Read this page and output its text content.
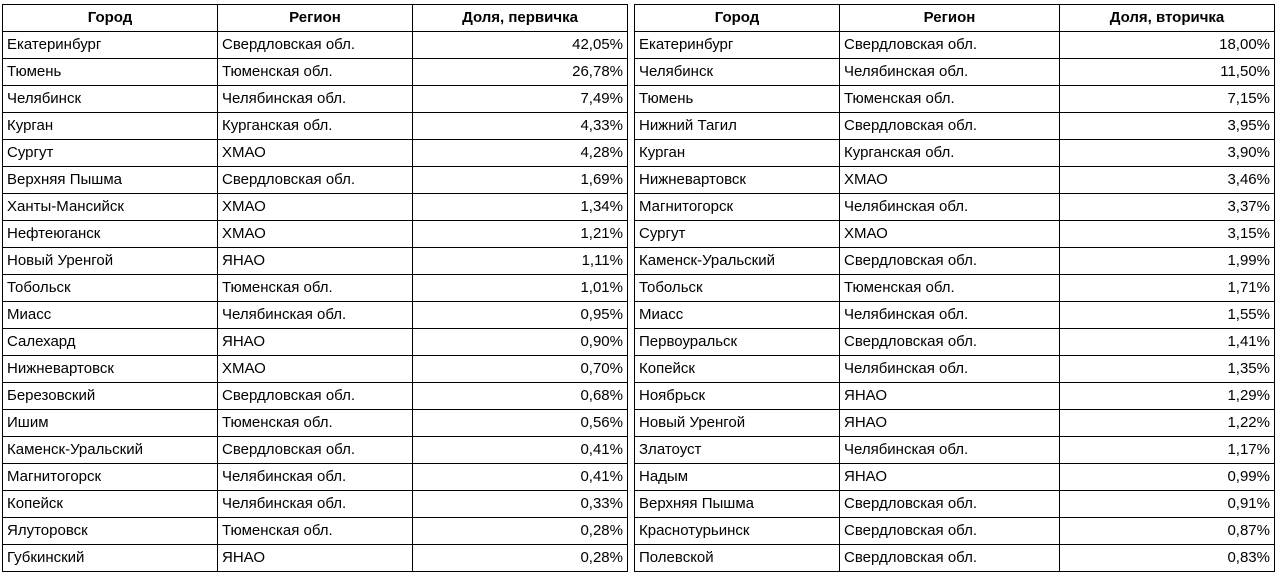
Город	Регион	Доля, первичка
Екатеринбург	Свердловская обл.	42,05%
Тюмень	Тюменская обл.	26,78%
Челябинск	Челябинская обл.	7,49%
Курган	Курганская обл.	4,33%
Сургут	ХМАО	4,28%
Верхняя Пышма	Свердловская обл.	1,69%
Ханты-Мансийск	ХМАО	1,34%
Нефтеюганск	ХМАО	1,21%
Новый Уренгой	ЯНАО	1,11%
Тобольск	Тюменская обл.	1,01%
Миасс	Челябинская обл.	0,95%
Салехард	ЯНАО	0,90%
Нижневартовск	ХМАО	0,70%
Березовский	Свердловская обл.	0,68%
Ишим	Тюменская обл.	0,56%
Каменск-Уральский	Свердловская обл.	0,41%
Магнитогорск	Челябинская обл.	0,41%
Копейск	Челябинская обл.	0,33%
Ялуторовск	Тюменская обл.	0,28%
Губкинский	ЯНАО	0,28%
Город	Регион	Доля, вторичка
Екатеринбург	Свердловская обл.	18,00%
Челябинск	Челябинская обл.	11,50%
Тюмень	Тюменская обл.	7,15%
Нижний Тагил	Свердловская обл.	3,95%
Курган	Курганская обл.	3,90%
Нижневартовск	ХМАО	3,46%
Магнитогорск	Челябинская обл.	3,37%
Сургут	ХМАО	3,15%
Каменск-Уральский	Свердловская обл.	1,99%
Тобольск	Тюменская обл.	1,71%
Миасс	Челябинская обл.	1,55%
Первоуральск	Свердловская обл.	1,41%
Копейск	Челябинская обл.	1,35%
Ноябрьск	ЯНАО	1,29%
Новый Уренгой	ЯНАО	1,22%
Златоуст	Челябинская обл.	1,17%
Надым	ЯНАО	0,99%
Верхняя Пышма	Свердловская обл.	0,91%
Краснотурьинск	Свердловская обл.	0,87%
Полевской	Свердловская обл.	0,83%
